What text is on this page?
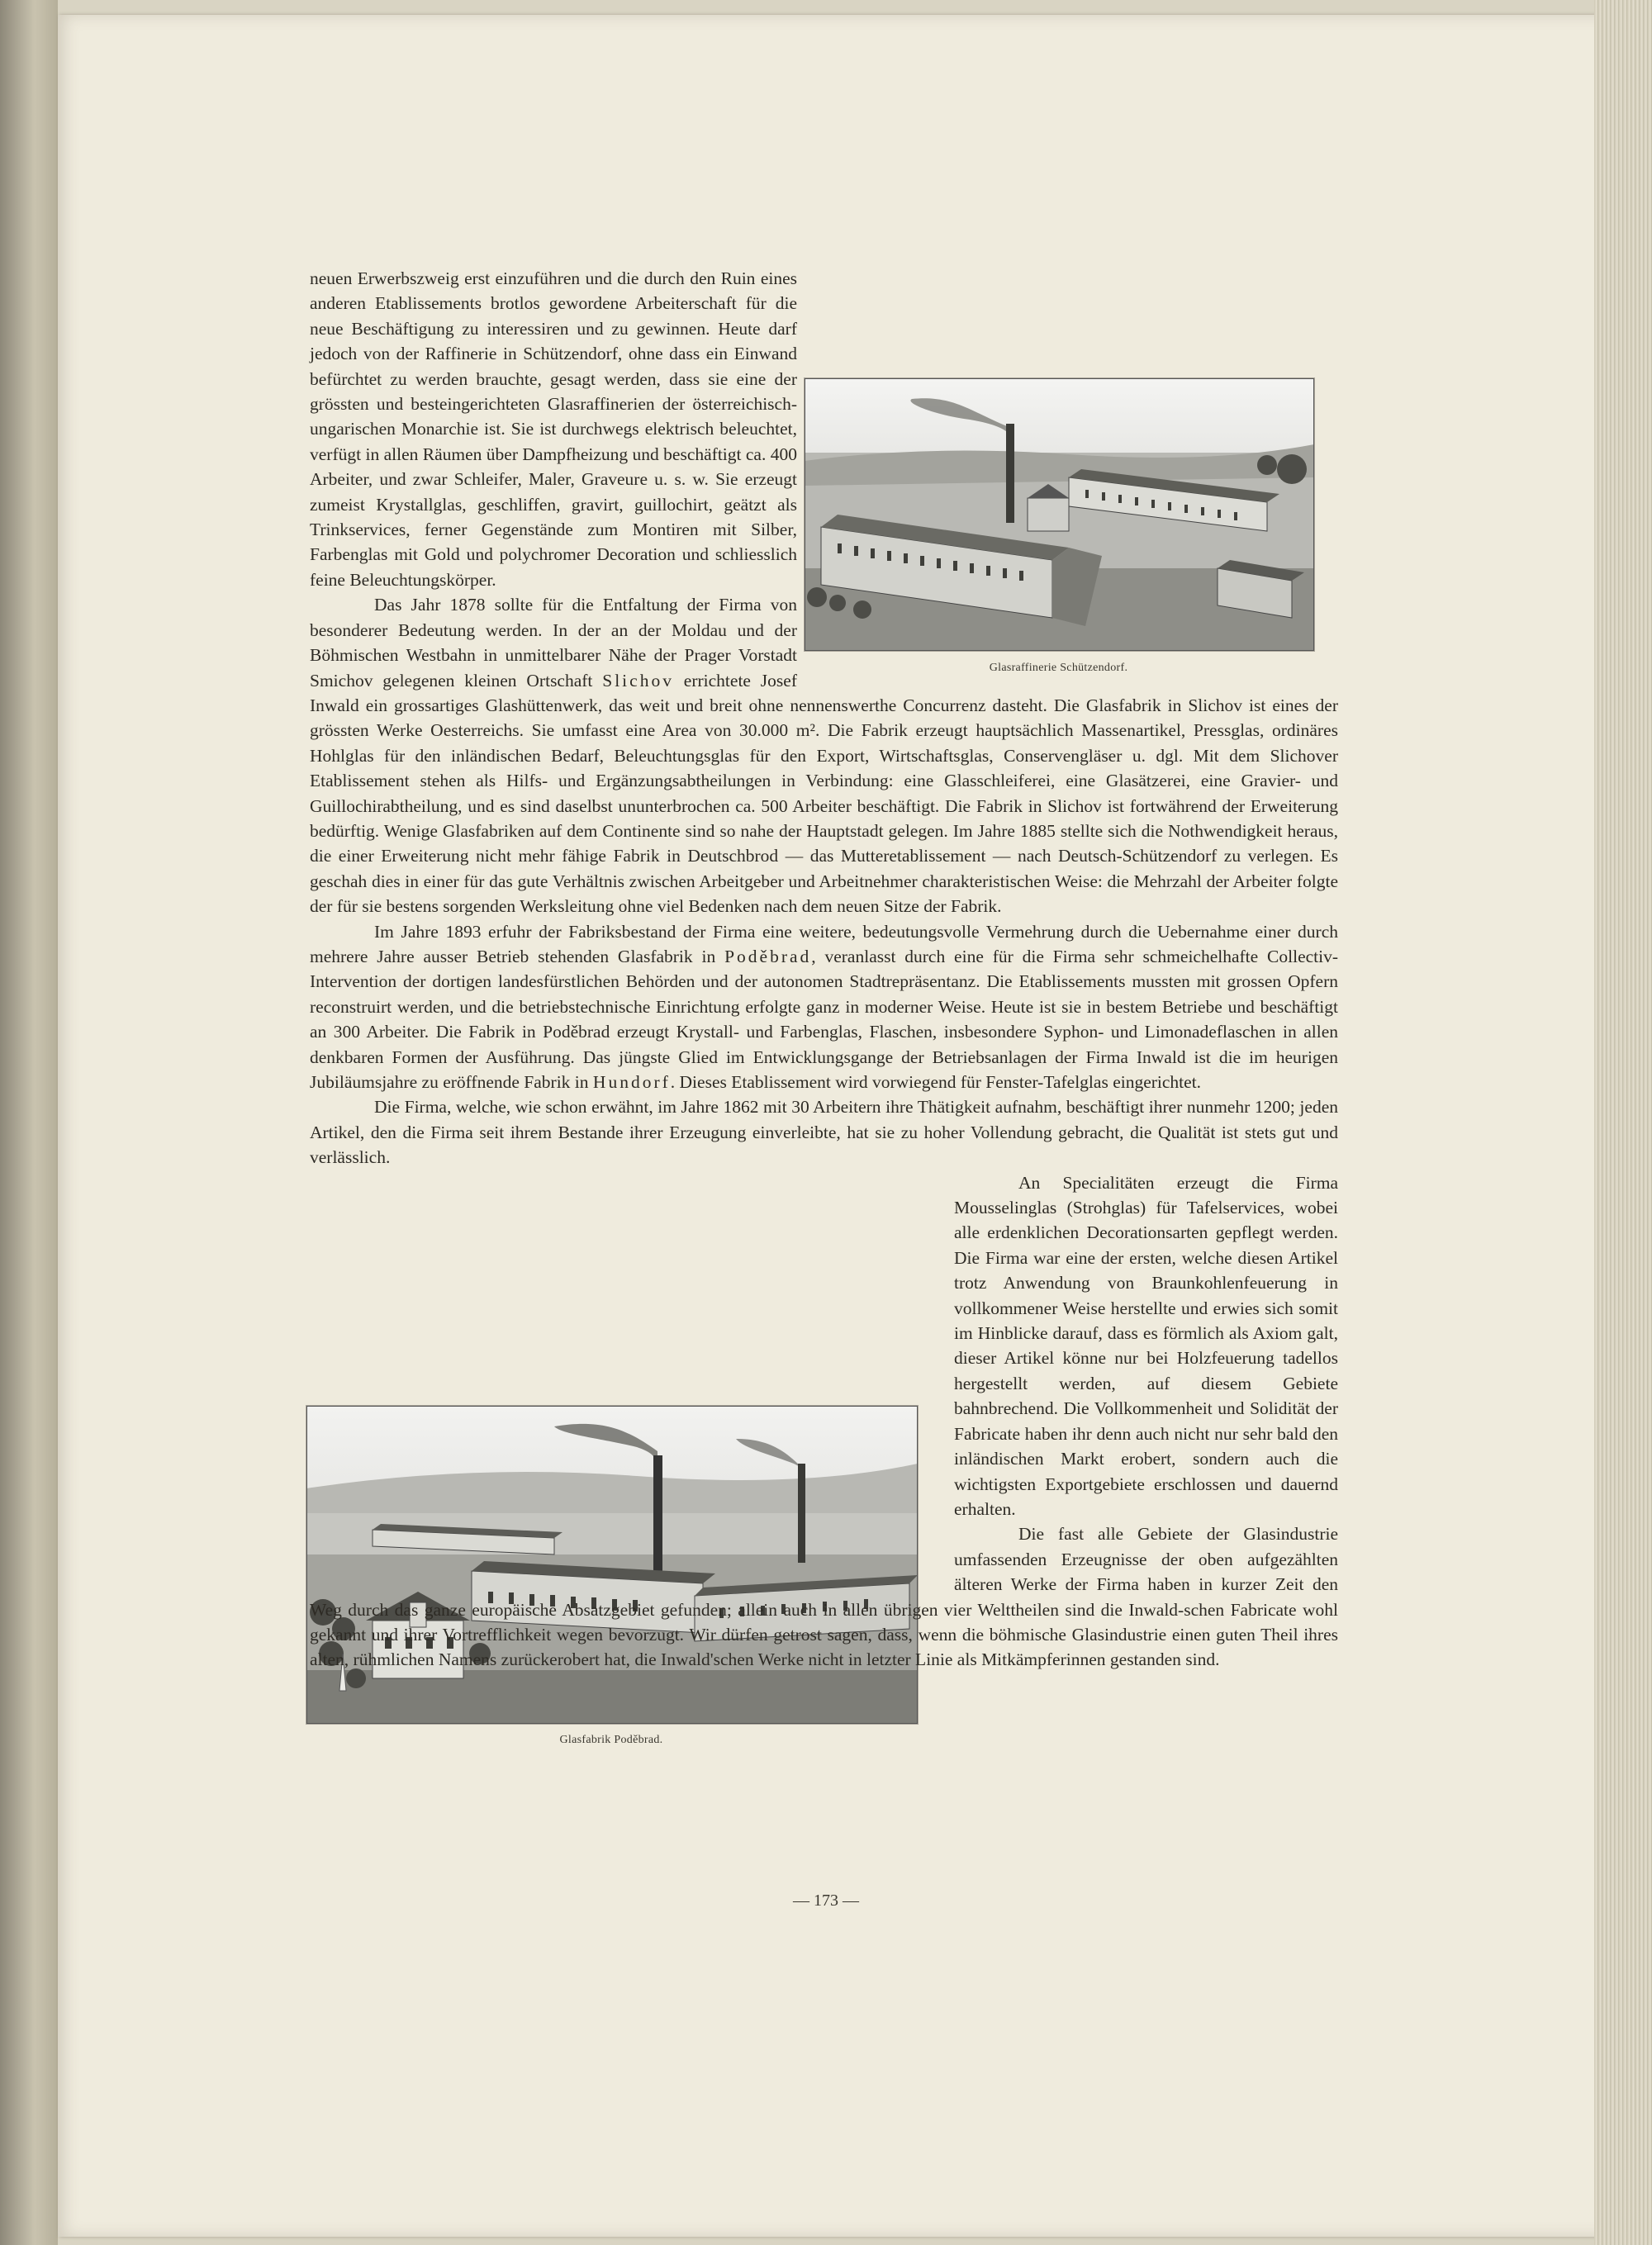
Glasraffinerie Schützendorf.
Glasfabrik Poděbrad.

neuen Erwerbszweig erst einzuführen und die durch den Ruin eines anderen Etablissements brotlos gewordene Arbeiterschaft für die neue Beschäftigung zu interessiren und zu gewinnen. Heute darf jedoch von der Raffinerie in Schützendorf, ohne dass ein Einwand befürchtet zu werden brauchte, gesagt werden, dass sie eine der grössten und besteingerichteten Glasraffinerien der österreichisch-ungarischen Monarchie ist. Sie ist durchwegs elektrisch beleuchtet, verfügt in allen Räumen über Dampfheizung und beschäftigt ca. 400 Arbeiter, und zwar Schleifer, Maler, Graveure u. s. w. Sie erzeugt zumeist Krystallglas, geschliffen, gravirt, guillochirt, geätzt als Trinkservices, ferner Gegenstände zum Montiren mit Silber, Farbenglas mit Gold und polychromer Decoration und schliesslich feine Beleuchtungskörper.

Das Jahr 1878 sollte für die Entfaltung der Firma von besonderer Bedeutung werden. In der an der Moldau und der Böhmischen Westbahn in unmittelbarer Nähe der Prager Vorstadt Smichov gelegenen kleinen Ortschaft Slichov errichtete Josef Inwald ein grossartiges Glashüttenwerk, das weit und breit ohne nennenswerthe Concurrenz dasteht. Die Glasfabrik in Slichov ist eines der grössten Werke Oesterreichs. Sie umfasst eine Area von 30.000 m². Die Fabrik erzeugt hauptsächlich Massenartikel, Pressglas, ordinäres Hohlglas für den inländischen Bedarf, Beleuchtungsglas für den Export, Wirtschaftsglas, Conservengläser u. dgl. Mit dem Slichover Etablissement stehen als Hilfs- und Ergänzungsabtheilungen in Verbindung: eine Glasschleiferei, eine Glasätzerei, eine Gravier- und Guillochirabtheilung, und es sind daselbst ununterbrochen ca. 500 Arbeiter beschäftigt. Die Fabrik in Slichov ist fortwährend der Erweiterung bedürftig. Wenige Glasfabriken auf dem Continente sind so nahe der Hauptstadt gelegen. Im Jahre 1885 stellte sich die Nothwendigkeit heraus, die einer Erweiterung nicht mehr fähige Fabrik in Deutschbrod — das Mutteretablissement — nach Deutsch-Schützendorf zu verlegen. Es geschah dies in einer für das gute Verhältnis zwischen Arbeitgeber und Arbeitnehmer charakteristischen Weise: die Mehrzahl der Arbeiter folgte der für sie bestens sorgenden Werksleitung ohne viel Bedenken nach dem neuen Sitze der Fabrik.

Im Jahre 1893 erfuhr der Fabriksbestand der Firma eine weitere, bedeutungsvolle Vermehrung durch die Uebernahme einer durch mehrere Jahre ausser Betrieb stehenden Glasfabrik in Poděbrad, veranlasst durch eine für die Firma sehr schmeichelhafte Collectiv-Intervention der dortigen landesfürstlichen Behörden und der autonomen Stadtrepräsentanz. Die Etablissements mussten mit grossen Opfern reconstruirt werden, und die betriebstechnische Einrichtung erfolgte ganz in moderner Weise. Heute ist sie in bestem Betriebe und beschäftigt an 300 Arbeiter. Die Fabrik in Poděbrad erzeugt Krystall- und Farbenglas, Flaschen, insbesondere Syphon- und Limonadeflaschen in allen denkbaren Formen der Ausführung. Das jüngste Glied im Entwicklungsgange der Betriebsanlagen der Firma Inwald ist die im heurigen Jubiläumsjahre zu eröffnende Fabrik in Hundorf. Dieses Etablissement wird vorwiegend für Fenster-Tafelglas eingerichtet.

Die Firma, welche, wie schon erwähnt, im Jahre 1862 mit 30 Arbeitern ihre Thätigkeit aufnahm, beschäftigt ihrer nunmehr 1200; jeden Artikel, den die Firma seit ihrem Bestande ihrer Erzeugung einverleibte, hat sie zu hoher Vollendung gebracht, die Qualität ist stets gut und verlässlich.

An Specialitäten erzeugt die Firma Mousselinglas (Strohglas) für Tafelservices, wobei alle erdenklichen Decorationsarten gepflegt werden. Die Firma war eine der ersten, welche diesen Artikel trotz Anwendung von Braunkohlenfeuerung in vollkommener Weise herstellte und erwies sich somit im Hinblicke darauf, dass es förmlich als Axiom galt, dieser Artikel könne nur bei Holzfeuerung tadellos hergestellt werden, auf diesem Gebiete bahnbrechend. Die Vollkommenheit und Solidität der Fabricate haben ihr denn auch nicht nur sehr bald den inländischen Markt erobert, sondern auch die wichtigsten Exportgebiete erschlossen und dauernd erhalten.

Die fast alle Gebiete der Glasindustrie umfassenden Erzeugnisse der oben aufgezählten älteren Werke der Firma haben in kurzer Zeit den Weg durch das ganze europäische Absatzgebiet gefunden; allein auch in allen übrigen vier Welttheilen sind die Inwald-schen Fabricate wohl gekannt und ihrer Vortrefflichkeit wegen bevorzugt. Wir dürfen getrost sagen, dass, wenn die böhmische Glasindustrie einen guten Theil ihres alten, rühmlichen Namens zurückerobert hat, die Inwald'schen Werke nicht in letzter Linie als Mitkämpferinnen gestanden sind.

— 173 —
